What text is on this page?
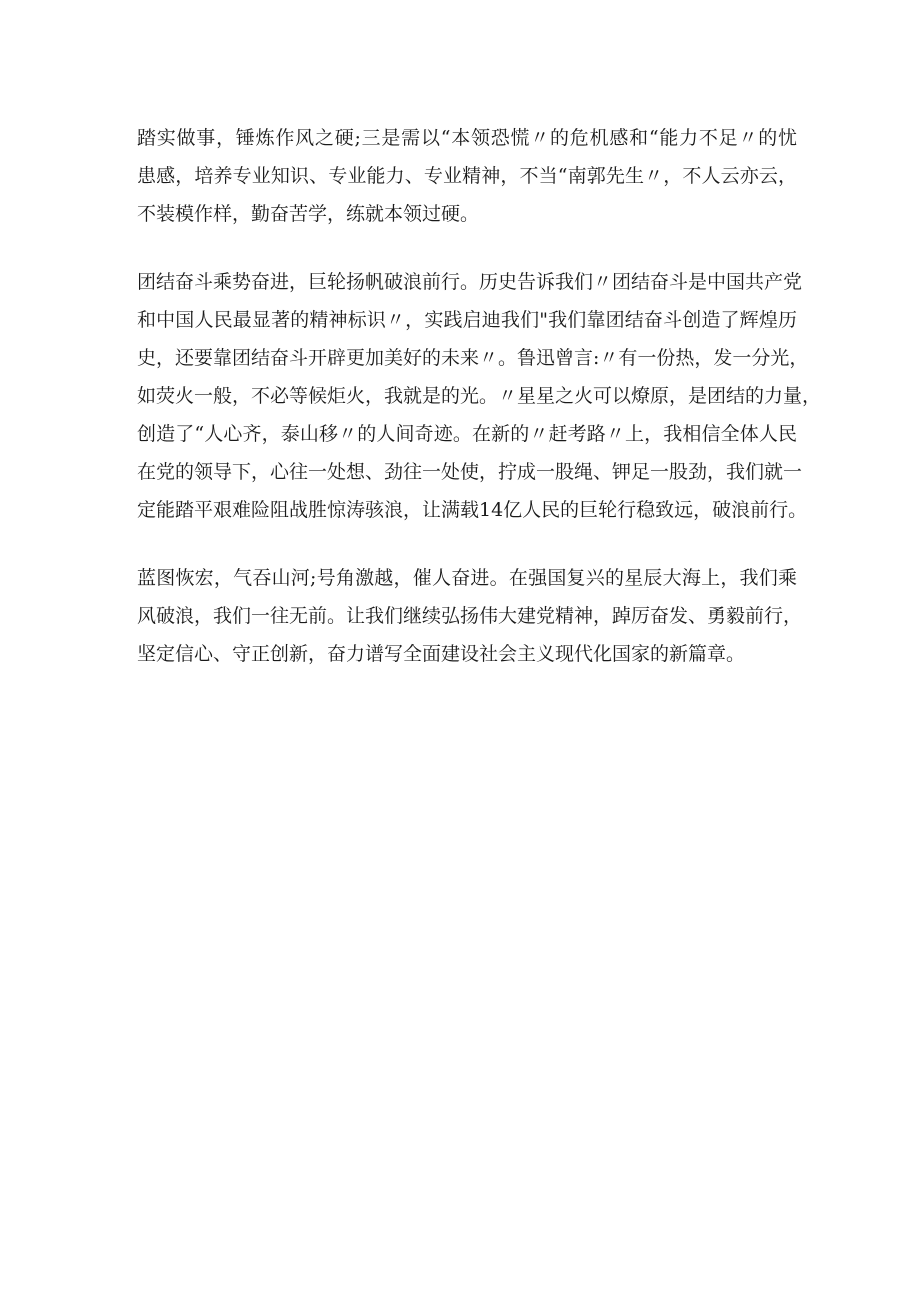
踏实做事，锤炼作风之硬;三是需以“本领恐慌〃的危机感和“能力不足〃的忧
患感，培养专业知识、专业能力、专业精神，不当“南郭先生〃，不人云亦云，
不装模作样，勤奋苦学，练就本领过硬。
团结奋斗乘势奋进，巨轮扬帆破浪前行。历史告诉我们〃团结奋斗是中国共产党
和中国人民最显著的精神标识〃，实践启迪我们"我们靠团结奋斗创造了辉煌历
史，还要靠团结奋斗开辟更加美好的未来〃。鲁迅曾言:〃有一份热，发一分光，
如荧火一般，不必等候炬火，我就是的光。〃星星之火可以燎原，是团结的力量，
创造了“人心齐，泰山移〃的人间奇迹。在新的〃赶考路〃上，我相信全体人民
在党的领导下，心往一处想、劲往一处使，拧成一股绳、钾足一股劲，我们就一
定能踏平艰难险阻战胜惊涛骇浪，让满载14亿人民的巨轮行稳致远，破浪前行。
蓝图恢宏，气吞山河;号角激越，催人奋进。在强国复兴的星辰大海上，我们乘
风破浪，我们一往无前。让我们继续弘扬伟大建党精神，踔厉奋发、勇毅前行，
坚定信心、守正创新，奋力谱写全面建设社会主义现代化国家的新篇章。
